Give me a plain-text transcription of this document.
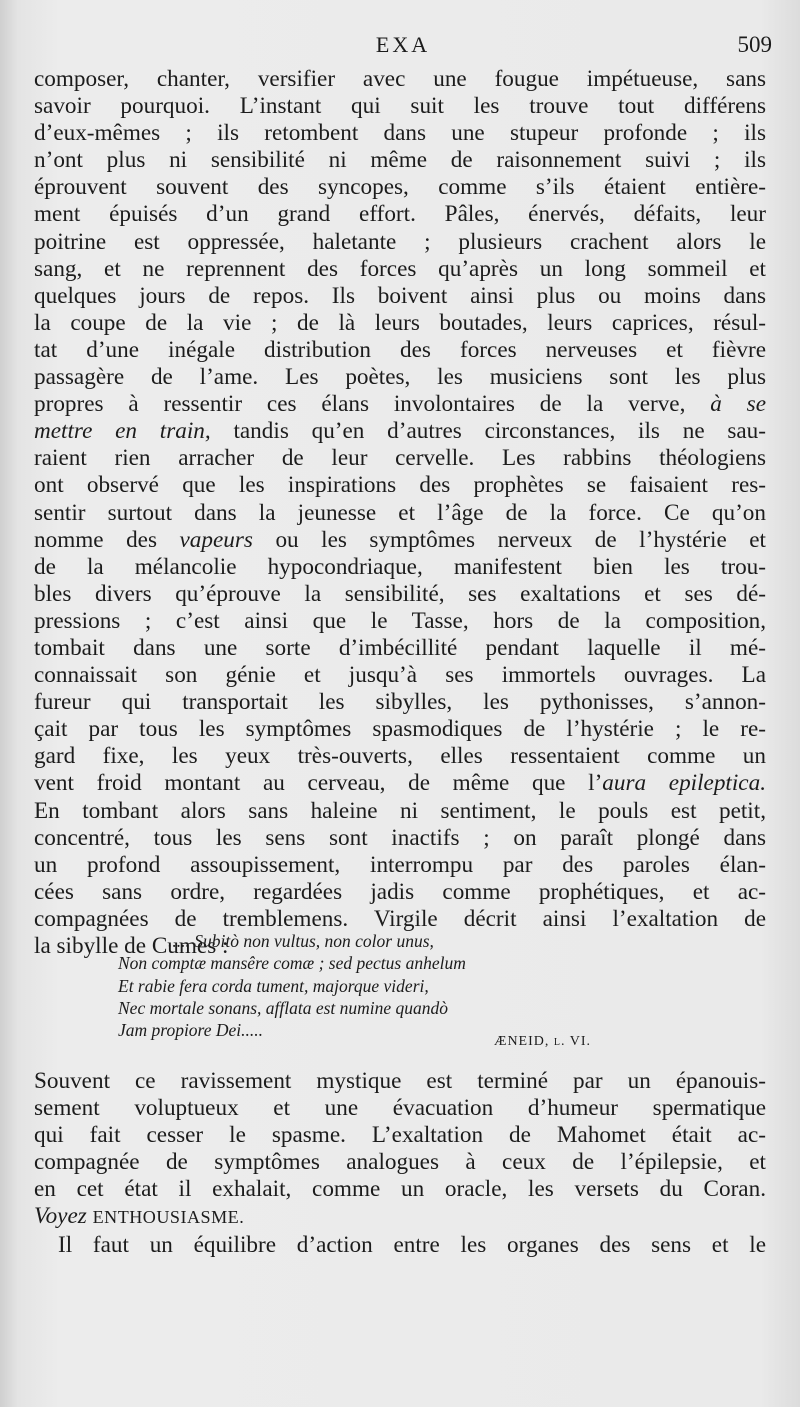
EXA	509
composer, chanter, versifier avec une fougue impétueuse, sans
savoir pourquoi. L’instant qui suit les trouve tout différens
d’eux-mêmes ; ils retombent dans une stupeur profonde ; ils
n’ont plus ni sensibilité ni même de raisonnement suivi ; ils
éprouvent souvent des syncopes, comme s’ils étaient entière-
ment épuisés d’un grand effort. Pâles, énervés, défaits, leur
poitrine est oppressée, haletante ; plusieurs crachent alors le
sang, et ne reprennent des forces qu’après un long sommeil et
quelques jours de repos. Ils boivent ainsi plus ou moins dans
la coupe de la vie ; de là leurs boutades, leurs caprices, résul-
tat d’une inégale distribution des forces nerveuses et fièvre
passagère de l’ame. Les poètes, les musiciens sont les plus
propres à ressentir ces élans involontaires de la verve, à se
mettre en train, tandis qu’en d’autres circonstances, ils ne sau-
raient rien arracher de leur cervelle. Les rabbins théologiens
ont observé que les inspirations des prophètes se faisaient res-
sentir surtout dans la jeunesse et l’âge de la force. Ce qu’on
nomme des vapeurs ou les symptômes nerveux de l’hystérie et
de la mélancolie hypocondriaque, manifestent bien les trou-
bles divers qu’éprouve la sensibilité, ses exaltations et ses dé-
pressions ; c’est ainsi que le Tasse, hors de la composition,
tombait dans une sorte d’imbécillité pendant laquelle il mé-
connaissait son génie et jusqu’à ses immortels ouvrages. La
fureur qui transportait les sibylles, les pythonisses, s’annon-
çait par tous les symptômes spasmodiques de l’hystérie ; le re-
gard fixe, les yeux très-ouverts, elles ressentaient comme un
vent froid montant au cerveau, de même que l’aura epileptica.
En tombant alors sans haleine ni sentiment, le pouls est petit,
concentré, tous les sens sont inactifs ; on paraît plongé dans
un profond assoupissement, interrompu par des paroles élan-
cées sans ordre, regardées jadis comme prophétiques, et ac-
compagnées de tremblemens. Virgile décrit ainsi l’exaltation de
la sibylle de Cumes :
..... Subitò non vultus, non color unus,
Non comptæ mansêre comæ ; sed pectus anhelum
Et rabie fera corda tument, majorque videri,
Nec mortale sonans, afflata est numine quandò
Jam propiore Dei.....
ÆNEID, l. VI.
Souvent ce ravissement mystique est terminé par un épanouis-
sement voluptueux et une évacuation d’humeur spermatique
qui fait cesser le spasme. L’exaltation de Mahomet était ac-
compagnée de symptômes analogues à ceux de l’épilepsie, et
en cet état il exhalait, comme un oracle, les versets du Coran.
Voyez ENTHOUSIASME.
Il faut un équilibre d’action entre les organes des sens et le
